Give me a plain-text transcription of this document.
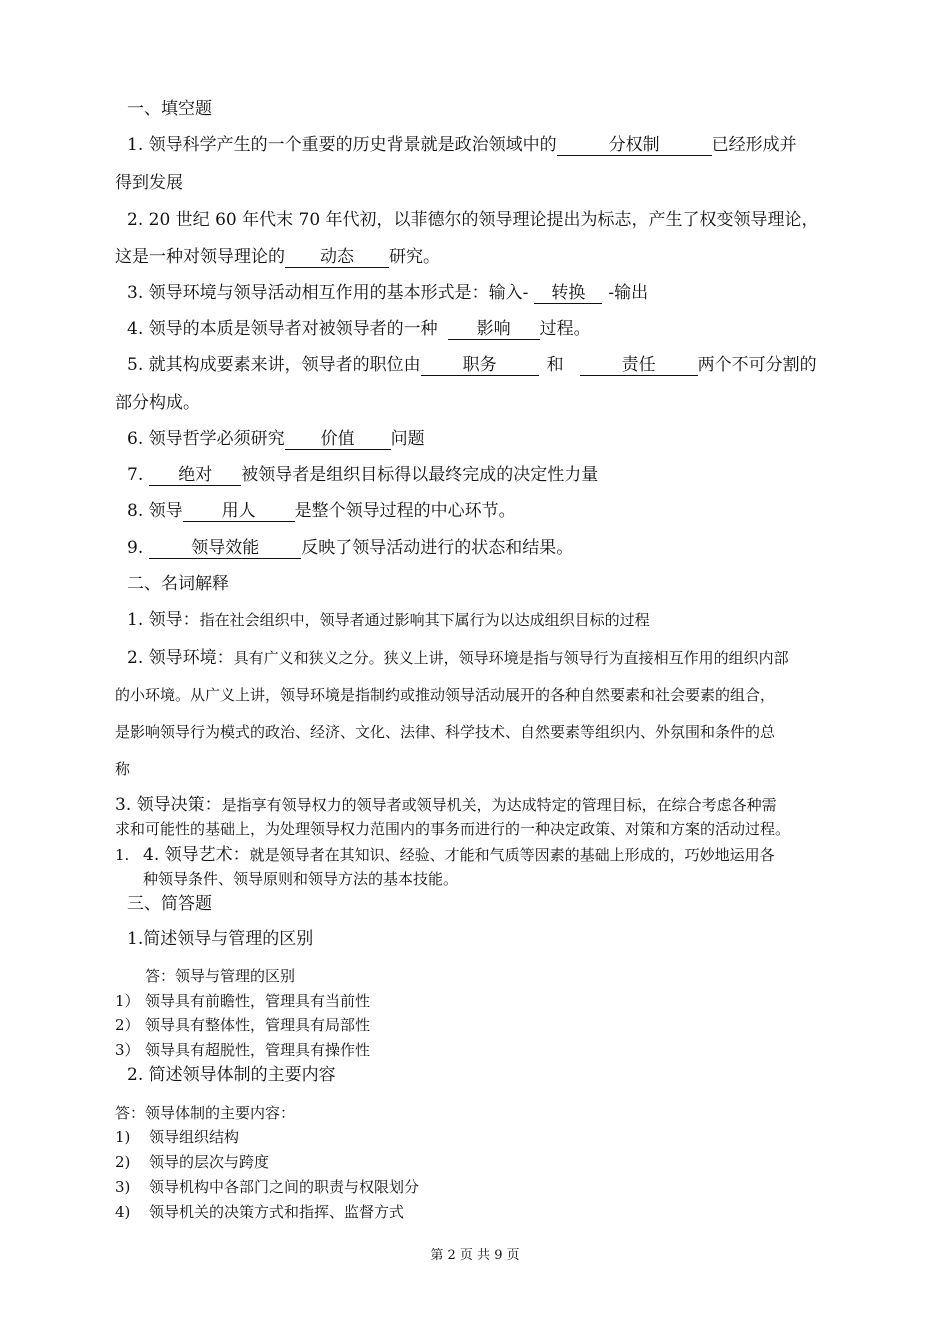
一、填空题
1. 领导科学产生的一个重要的历史背景就是政治领域中的	分权制	已经形成并
得到发展
2. 20 世纪 60 年代末 70 年代初，以菲德尔的领导理论提出为标志，产生了权变领导理论，
这是一种对领导理论的 动态 研究。
3. 领导环境与领导活动相互作用的基本形式是：输入- 转换 -输出
4. 领导的本质是领导者对被领导者的一种 影响 过程。
5. 就其构成要素来讲，领导者的职位由 职务	和	责任 两个不可分割的
部分构成。
6. 领导哲学必须研究 价值 问题
7. 绝对 被领导者是组织目标得以最终完成的决定性力量
8. 领导 用人 是整个领导过程的中心环节。
9.	领导效能 反映了领导活动进行的状态和结果。
二、名词解释
1. 领导：指在社会组织中，领导者通过影响其下属行为以达成组织目标的过程
2. 领导环境：具有广义和狭义之分。狭义上讲，领导环境是指与领导行为直接相互作用的组织内部
的小环境。从广义上讲，领导环境是指制约或推动领导活动展开的各种自然要素和社会要素的组合，
是影响领导行为模式的政治、经济、文化、法律、科学技术、自然要素等组织内、外氛围和条件的总
称
3. 领导决策：是指享有领导权力的领导者或领导机关，为达成特定的管理目标，在综合考虑各种需
求和可能性的基础上，为处理领导权力范围内的事务而进行的一种决定政策、对策和方案的活动过程。
1. 4. 领导艺术：就是领导者在其知识、经验、才能和气质等因素的基础上形成的，巧妙地运用各
种领导条件、领导原则和领导方法的基本技能。
三、简答题
1.简述领导与管理的区别
答：领导与管理的区别
1） 领导具有前瞻性，管理具有当前性
2） 领导具有整体性，管理具有局部性
3） 领导具有超脱性，管理具有操作性
2. 简述领导体制的主要内容
答：领导体制的主要内容：
1) 领导组织结构
2) 领导的层次与跨度
3) 领导机构中各部门之间的职责与权限划分
4) 领导机关的决策方式和指挥、监督方式
第 2 页 共 9 页
